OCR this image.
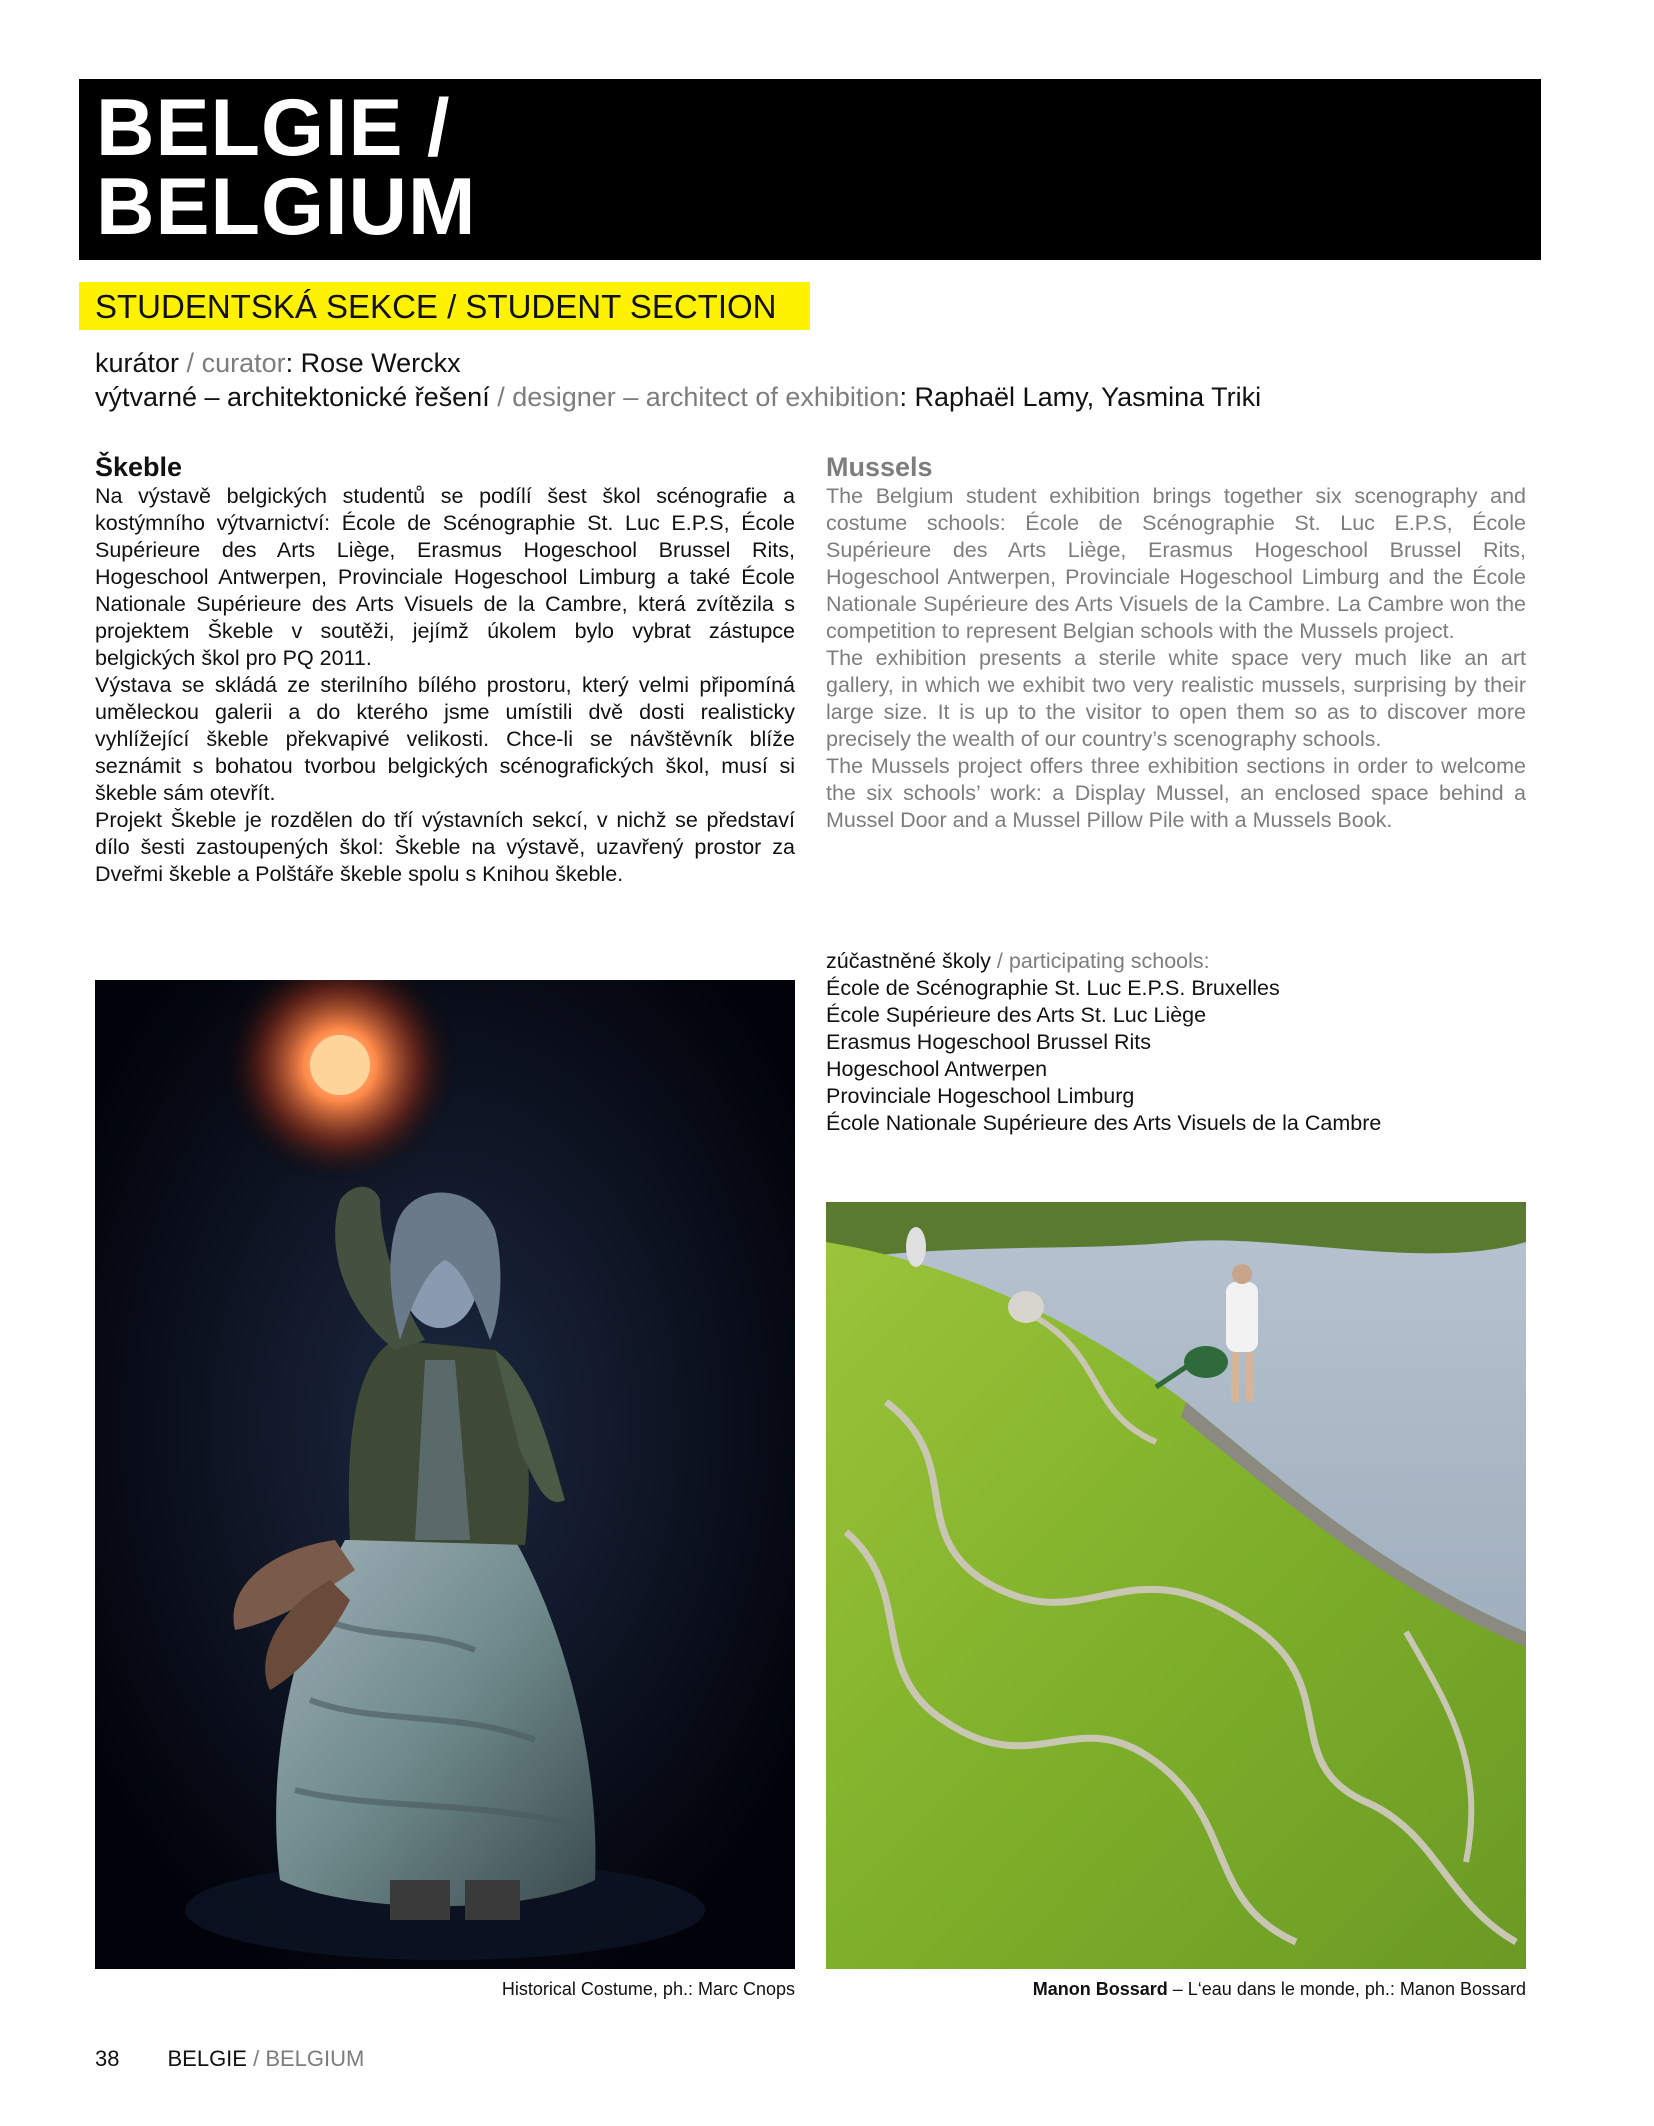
BELGIE /
BELGIUM
STUDENTSKÁ SEKCE / STUDENT SECTION
kurátor / curator: Rose Werckx
výtvarné – architektonické řešení / designer – architect of exhibition: Raphaël Lamy, Yasmina Triki
Škeble

Na výstavě belgických studentů se podílí šest škol scénografie a kostýmního výtvarnictví: École de Scénographie St. Luc E.P.S, École Supérieure des Arts Liège, Erasmus Hogeschool Brussel Rits, Hogeschool Antwerpen, Provinciale Hogeschool Limburg a také École Nationale Supérieure des Arts Visuels de la Cambre, která zvítězila s projektem Škeble v soutěži, jejímž úkolem bylo vybrat zástupce belgických škol pro PQ 2011.

Výstava se skládá ze sterilního bílého prostoru, který velmi připomíná uměleckou galerii a do kterého jsme umístili dvě dosti realisticky vyhlížející škeble překvapivé velikosti. Chce-li se návštěvník blíže seznámit s bohatou tvorbou belgických scénografických škol, musí si škeble sám otevřít.

Projekt Škeble je rozdělen do tří výstavních sekcí, v nichž se představí dílo šesti zastoupených škol: Škeble na výstavě, uzavřený prostor za Dveřmi škeble a Polštáře škeble spolu s Knihou škeble.

Mussels

The Belgium student exhibition brings together six scenography and costume schools: École de Scénographie St. Luc E.P.S, École Supérieure des Arts Liège, Erasmus Hogeschool Brussel Rits, Hogeschool Antwerpen, Provinciale Hogeschool Limburg and the École Nationale Supérieure des Arts Visuels de la Cambre. La Cambre won the competition to represent Belgian schools with the Mussels project.

The exhibition presents a sterile white space very much like an art gallery, in which we exhibit two very realistic mussels, surprising by their large size. It is up to the visitor to open them so as to discover more precisely the wealth of our country’s scenography schools.

The Mussels project offers three exhibition sections in order to welcome the six schools’ work: a Display Mussel, an enclosed space behind a Mussel Door and a Mussel Pillow Pile with a Mussels Book.

zúčastněné školy / participating schools:
École de Scénographie St. Luc E.P.S. Bruxelles
École Supérieure des Arts St. Luc Liège
Erasmus Hogeschool Brussel Rits
Hogeschool Antwerpen
Provinciale Hogeschool Limburg
École Nationale Supérieure des Arts Visuels de la Cambre
Historical Costume, ph.: Marc Cnops	Manon Bossard – L‘eau dans le monde, ph.: Manon Bossard
38 BELGIE / BELGIUM
